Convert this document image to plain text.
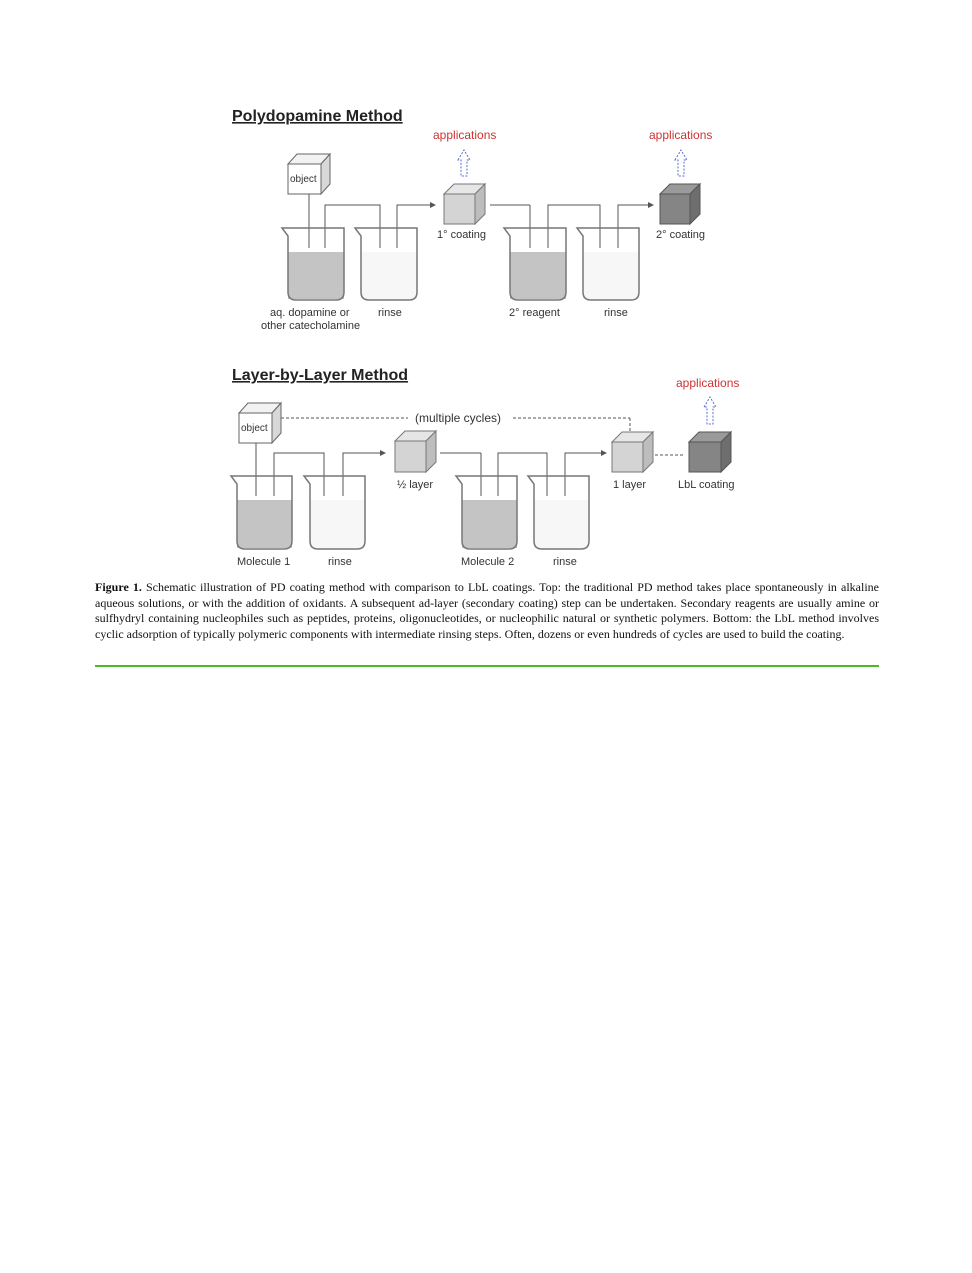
Polydopamine Method
object
applications	applications
aq. dopamine or
other catecholamine
rinse
1° coating
2° reagent	rinse
2° coating
Layer-by-Layer Method
object
(multiple cycles)
applications
Molecule 1	rinse
½ layer
Molecule 2	rinse
1 layer	LbL coating

Figure 1. Schematic illustration of PD coating method with comparison to LbL coatings. Top: the traditional PD method takes place spontaneously in alkaline aqueous solutions, or with the addition of oxidants. A subsequent ad-layer (secondary coating) step can be undertaken. Secondary reagents are usually amine or sulfhydryl containing nucleophiles such as peptides, proteins, oligonucleotides, or nucleophilic natural or synthetic polymers. Bottom: the LbL method involves cyclic adsorption of typically polymeric components with intermediate rinsing steps. Often, dozens or even hundreds of cycles are used to build the coating.
